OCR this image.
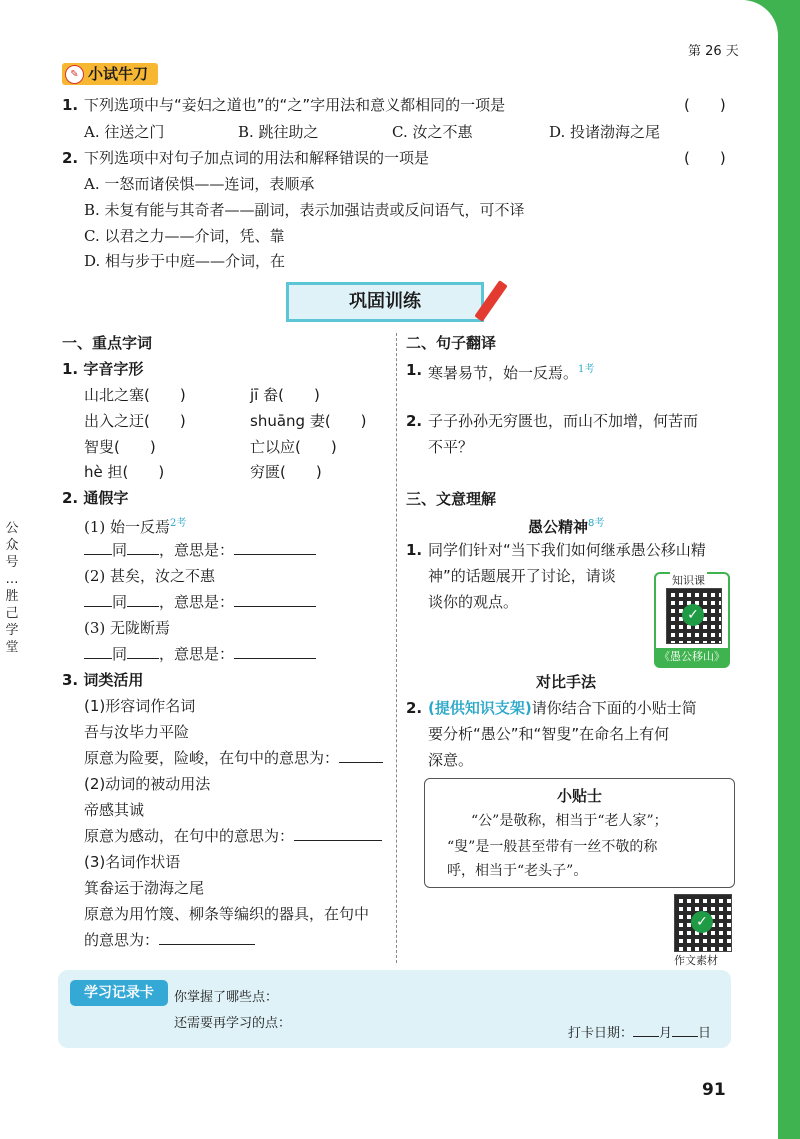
第 26 天
✎ 小试牛刀
1. 下列选项中与“妾妇之道也”的“之”字用法和意义都相同的一项是	(　　)
A. 往送之门	B. 跳往助之	C. 汝之不惠	D. 投诸渤海之尾
2. 下列选项中对句子加点词的用法和解释错误的一项是	(　　)
A. 一怒而诸侯惧——连词，表顺承
B. 未复有能与其奇者——副词，表示加强诘责或反问语气，可不译
C. 以君之力——介词，凭、靠
D. 相与步于中庭——介词，在
巩固训练
一、重点字词
1. 字音字形
山北之塞(　　)	jī 畚(　　)
出入之迂(　　)	shuāng 妻(　　)
智叟(　　)	亡以应(　　)
hè 担(　　)	穷匮(　　)
2. 通假字
(1) 始一反焉$^{2考}$
同 ，意思是：
(2) 甚矣，汝之不惠
同 ，意思是：
(3) 无陇断焉
同 ，意思是：
3. 词类活用
(1)形容词作名词
吾与汝毕力平险
原意为险要，险峻，在句中的意思为：
(2)动词的被动用法
帝感其诚
原意为感动，在句中的意思为：
(3)名词作状语
箕畚运于渤海之尾
原意为用竹篾、柳条等编织的器具，在句中
的意思为：
二、句子翻译
1. 寒暑易节，始一反焉。$^{1考}$
2. 子子孙孙无穷匮也，而山不加增，何苦而
不平？
三、文意理解
愚公精神$^{8考}$
1. 同学们针对“当下我们如何继承愚公移山精
神”的话题展开了讨论，请谈
谈你的观点。
知识课
✓
《愚公移山》
对比手法
2. (提供知识支架)请你结合下面的小贴士简
要分析“愚公”和“智叟”在命名上有何
深意。
小贴士
“公”是敬称，相当于“老人家”；
“叟”是一般甚至带有一丝不敬的称
呼，相当于“老头子”。
✓
作文素材
学习记录卡	你掌握了哪些点：
还需要再学习的点：
打卡日期： 月 日
91
公
众
号
…
胜
己
学
堂
